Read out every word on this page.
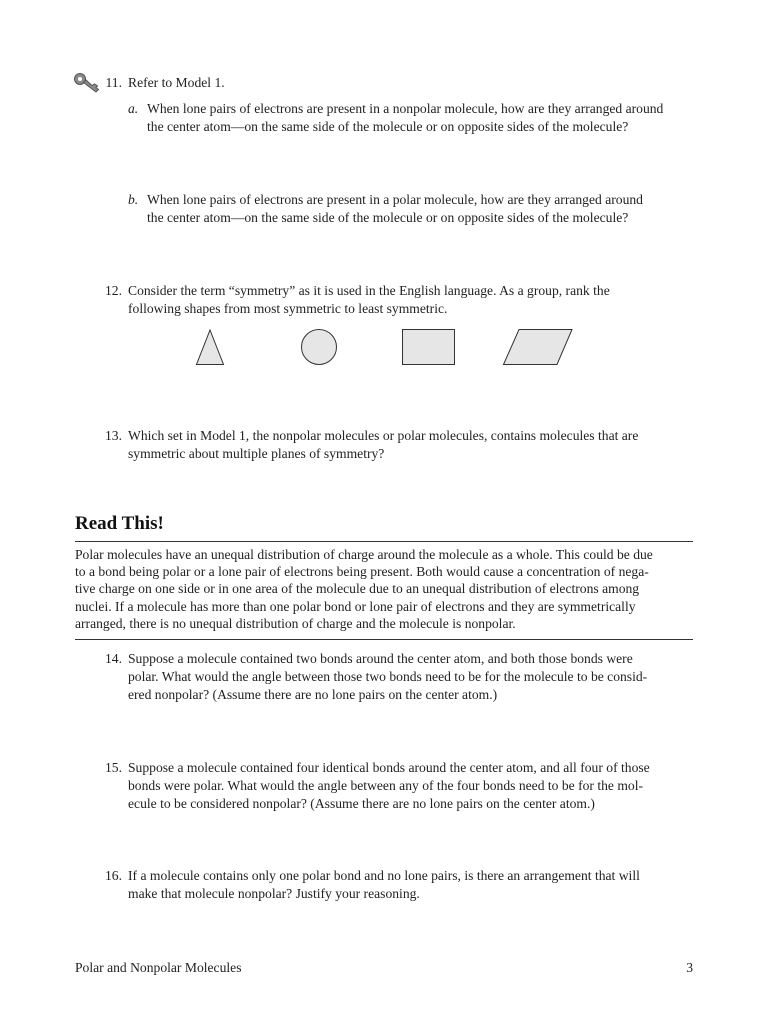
11. Refer to Model 1.
a. When lone pairs of electrons are present in a nonpolar molecule, how are they arranged around
the center atom—on the same side of the molecule or on opposite sides of the molecule?
b. When lone pairs of electrons are present in a polar molecule, how are they arranged around
the center atom—on the same side of the molecule or on opposite sides of the molecule?
12. Consider the term “symmetry” as it is used in the English language. As a group, rank the
following shapes from most symmetric to least symmetric.
13. Which set in Model 1, the nonpolar molecules or polar molecules, contains molecules that are
symmetric about multiple planes of symmetry?
Read This!
Polar molecules have an unequal distribution of charge around the molecule as a whole. This could be due
to a bond being polar or a lone pair of electrons being present. Both would cause a concentration of nega-
tive charge on one side or in one area of the molecule due to an unequal distribution of electrons among
nuclei. If a molecule has more than one polar bond or lone pair of electrons and they are symmetrically
arranged, there is no unequal distribution of charge and the molecule is nonpolar.
14. Suppose a molecule contained two bonds around the center atom, and both those bonds were
polar. What would the angle between those two bonds need to be for the molecule to be consid-
ered nonpolar? (Assume there are no lone pairs on the center atom.)
15. Suppose a molecule contained four identical bonds around the center atom, and all four of those
bonds were polar. What would the angle between any of the four bonds need to be for the mol-
ecule to be considered nonpolar? (Assume there are no lone pairs on the center atom.)
16. If a molecule contains only one polar bond and no lone pairs, is there an arrangement that will
make that molecule nonpolar? Justify your reasoning.
Polar and Nonpolar Molecules	3
